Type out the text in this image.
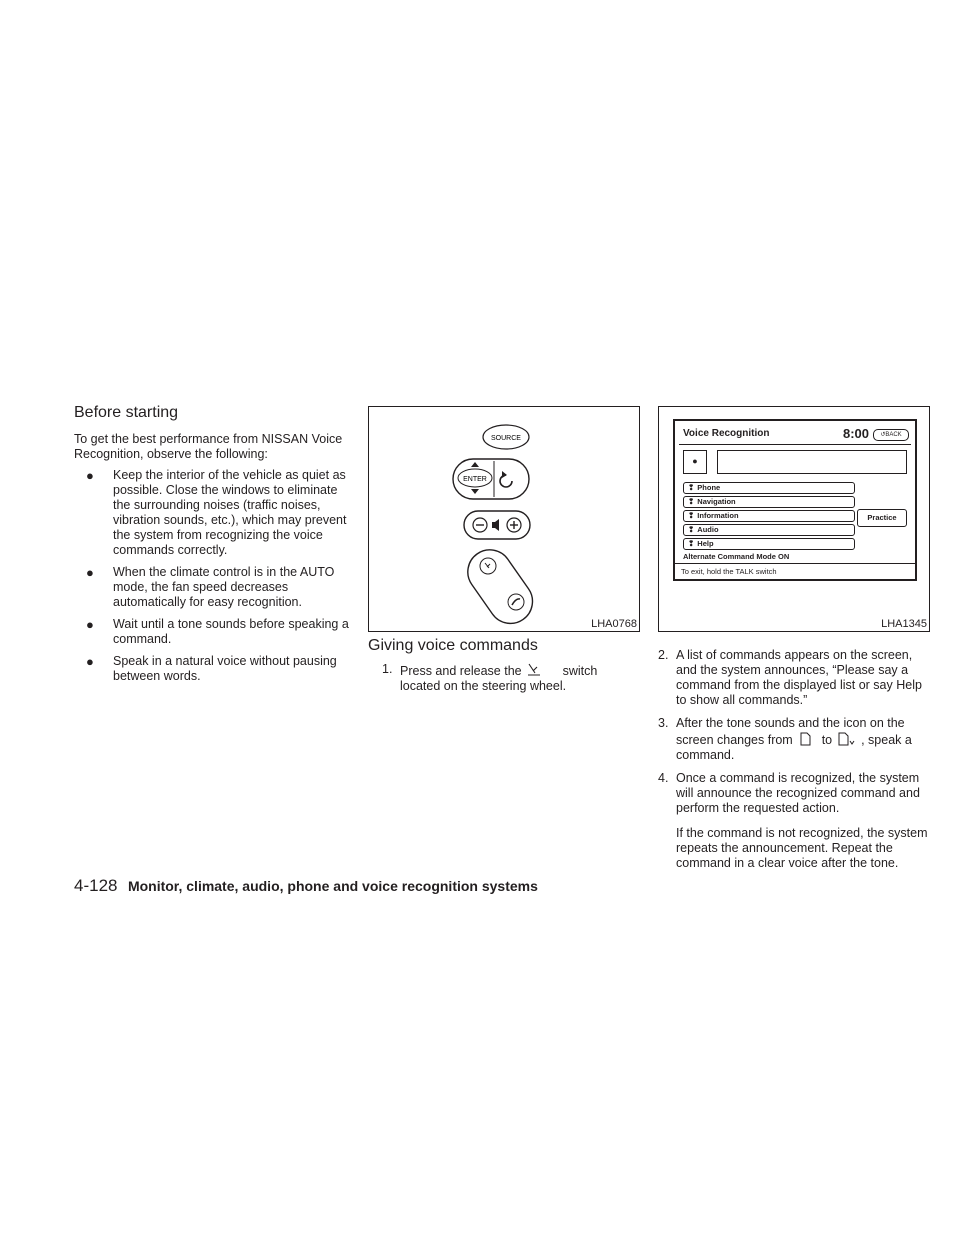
Before starting
To get the best performance from NISSAN Voice Recognition, observe the following:
● Keep the interior of the vehicle as quiet as possible. Close the windows to eliminate the surrounding noises (traffic noises, vibration sounds, etc.), which may prevent the system from recognizing the voice commands correctly.
● When the climate control is in the AUTO mode, the fan speed decreases automatically for easy recognition.
● Wait until a tone sounds before speaking a command.
● Speak in a natural voice without pausing between words.
SOURCE
ENTER
LHA0768
Voice Recognition	8:00	↺BACK
●
❢ Phone
❢ Navigation
❢ Information
❢ Audio
❢ Help
Practice
Alternate Command Mode ON
To exit, hold the TALK switch
LHA1345
Giving voice commands
1. Press and release the	switch located on the steering wheel.
2. A list of commands appears on the screen, and the system announces, “Please say a command from the displayed list or say Help to show all commands.”
3. After the tone sounds and the icon on the screen changes from to , speak a command.
4. Once a command is recognized, the system will announce the recognized command and perform the requested action.
If the command is not recognized, the system repeats the announcement. Repeat the command in a clear voice after the tone.
4-128 Monitor, climate, audio, phone and voice recognition systems
